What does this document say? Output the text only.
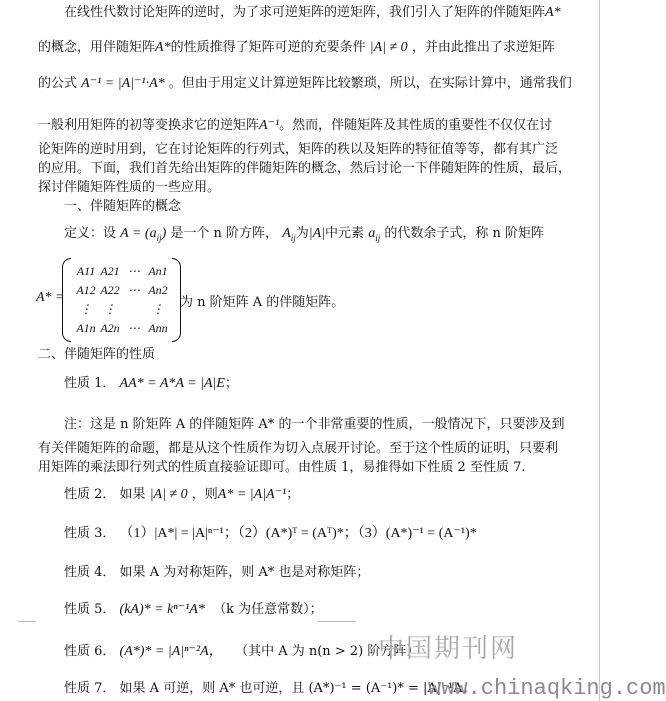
在线性代数讨论矩阵的逆时，为了求可逆矩阵的逆矩阵，我们引入了矩阵的伴随矩阵A*
的概念，用伴随矩阵A*的性质推得了矩阵可逆的充要条件 |A| ≠ 0 ，并由此推出了求逆矩阵
的公式 A⁻¹ = |A|⁻¹·A* 。但由于用定义计算逆矩阵比较繁琐，所以，在实际计算中，通常我们
一般利用矩阵的初等变换求它的逆矩阵A⁻¹。然而，伴随矩阵及其性质的重要性不仅仅在讨
论矩阵的逆时用到，它在讨论矩阵的行列式，矩阵的秩以及矩阵的特征值等等，都有其广泛
的应用。下面，我们首先给出矩阵的伴随矩阵的概念，然后讨论一下伴随矩阵的性质，最后，
探讨伴随矩阵性质的一些应用。
一、伴随矩阵的概念
定义：设 $A = (a_{ij})$ 是一个 n 阶方阵， $A_{ij}$为|A|中元素 $a_{ij}$ 的代数余子式，称 n 阶矩阵
A* =
A11 A21 ⋯ An1
A12 A22 ⋯ An2
⋮ ⋮	⋮
A1n A2n ⋯ Ann
为 n 阶矩阵 A 的伴随矩阵。
二、伴随矩阵的性质
性质 1． AA* = A*A = |A|E；
注：这是 n 阶矩阵 A 的伴随矩阵 A* 的一个非常重要的性质，一般情况下，只要涉及到
有关伴随矩阵的命题，都是从这个性质作为切入点展开讨论。至于这个性质的证明，只要利
用矩阵的乘法即行列式的性质直接验证即可。由性质 1，易推得如下性质 2 至性质 7.
性质 2． 如果 |A| ≠ 0 ，则A* = |A|A⁻¹；
性质 3． （1）|A*| = |A|ⁿ⁻¹；（2）(A*)ᵀ = (Aᵀ)*；（3）(A*)⁻¹ = (A⁻¹)*
性质 4． 如果 A 为对称矩阵，则 A* 也是对称矩阵；
性质 5． (kA)* = kⁿ⁻¹A* （k 为任意常数）；
性质 6． (A*)* = |A|ⁿ⁻²A， （其中 A 为 n(n > 2) 阶方阵）
性质 7． 如果 A 可逆，则 A* 也可逆，且 (A*)⁻¹ = (A⁻¹)* = |A|⁻¹A；
中国期刊网
www.chinaqking.com
